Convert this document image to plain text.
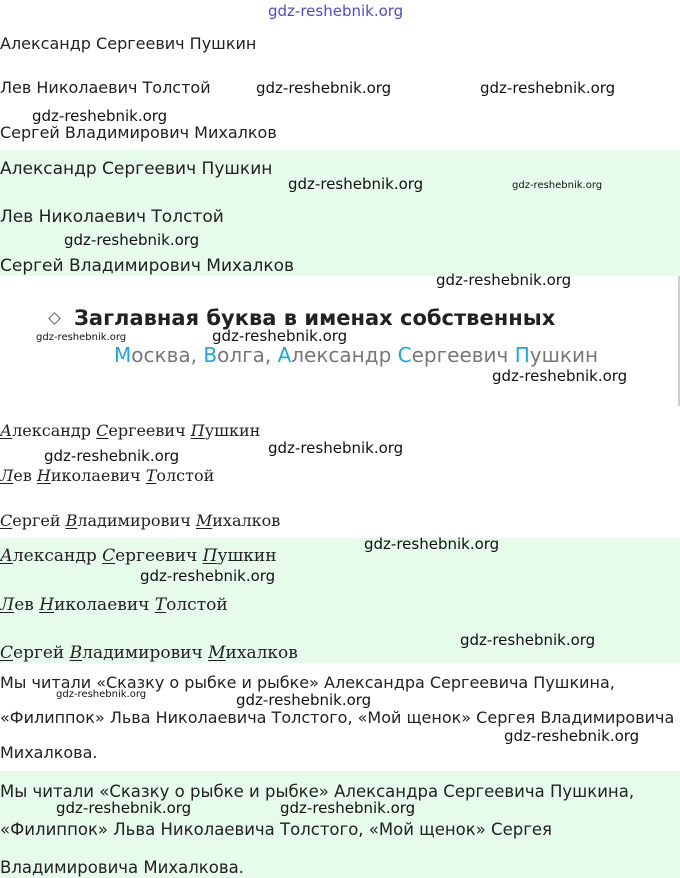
gdz-reshebnik.org
Александр Сергеевич Пушкин
Лев Николаевич Толстой
Сергей Владимирович Михалков
Александр Сергеевич Пушкин
Лев Николаевич Толстой
Сергей Владимирович Михалков
Заглавная буква в именах собственных
Москва, Волга, Александр Сергеевич Пушкин
Александр Сергеевич Пушкин
Лев Николаевич Толстой
Сергей Владимирович Михалков
Александр Сергеевич Пушкин
Лев Николаевич Толстой
Сергей Владимирович Михалков
Мы читали «Сказку о рыбке и рыбке» Александра Сергеевича Пушкина, «Филиппок» Льва Николаевича Толстого, «Мой щенок» Сергея Владимировича Михалкова.
Мы читали «Сказку о рыбке и рыбке» Александра Сергеевича Пушкина, «Филиппок» Льва Николаевича Толстого, «Мой щенок» Сергея Владимировича Михалкова.
gdz-reshebnik.org	gdz-reshebnik.org
gdz-reshebnik.org
gdz-reshebnik.org	gdz-reshebnik.org
gdz-reshebnik.org
gdz-reshebnik.org
gdz-reshebnik.org	gdz-reshebnik.org
gdz-reshebnik.org
gdz-reshebnik.org
gdz-reshebnik.org
gdz-reshebnik.org
gdz-reshebnik.org
gdz-reshebnik.org
gdz-reshebnik.org	gdz-reshebnik.org
gdz-reshebnik.org
gdz-reshebnik.org	gdz-reshebnik.org
